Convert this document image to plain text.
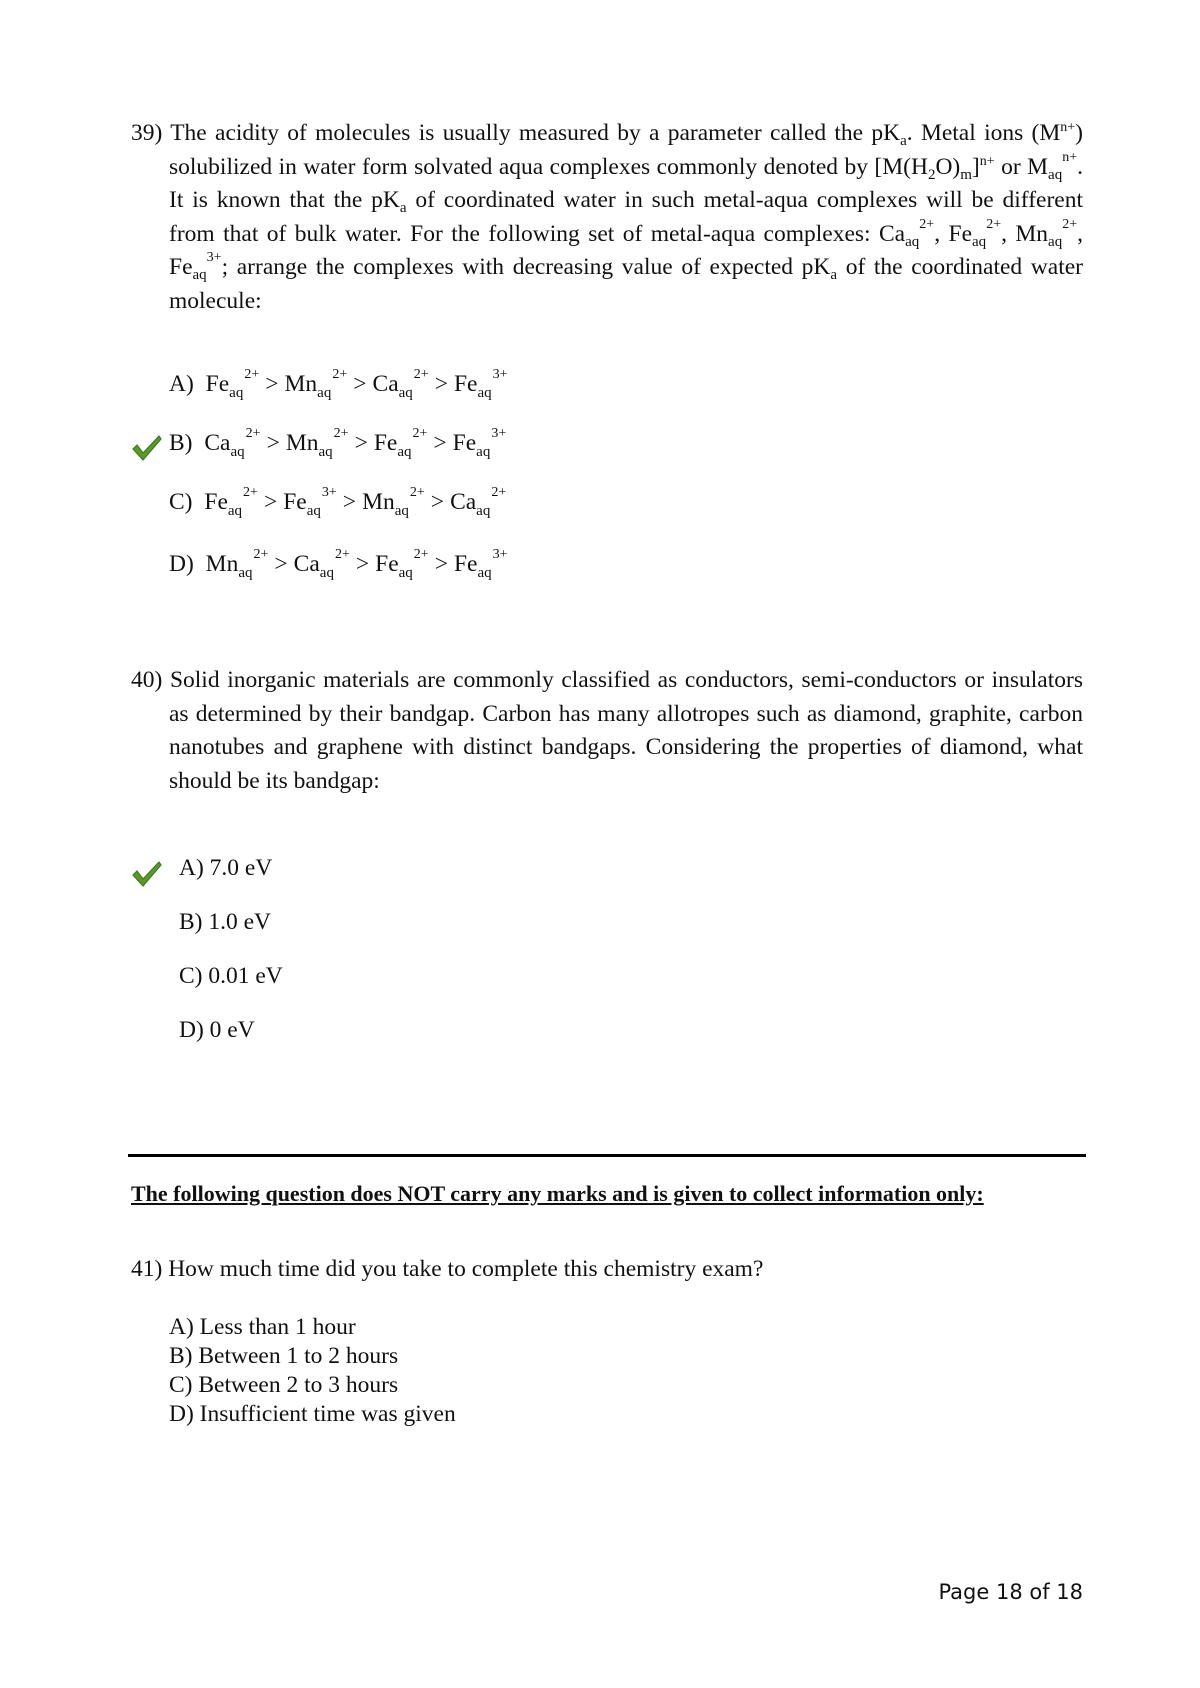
39) The acidity of molecules is usually measured by a parameter called the $pK_a$. Metal ions $(M^{n+})$ solubilized in water form solvated aqua complexes commonly denoted by $[M(H_2O)_m]^{n+}$ or $M_{aq}^{n+}$. It is known that the $pK_a$ of coordinated water in such metal-aqua complexes will be different from that of bulk water. For the following set of metal-aqua complexes: $Ca_{aq}^{2+}$, $Fe_{aq}^{2+}$, $Mn_{aq}^{2+}$, $Fe_{aq}^{3+}$; arrange the complexes with decreasing value of expected $pK_a$ of the coordinated water molecule:
A) $Fe_{aq}^{2+} > Mn_{aq}^{2+} > Ca_{aq}^{2+} > Fe_{aq}^{3+}$
B) $Ca_{aq}^{2+} > Mn_{aq}^{2+} > Fe_{aq}^{2+} > Fe_{aq}^{3+}$
C) $Fe_{aq}^{2+} > Fe_{aq}^{3+} > Mn_{aq}^{2+} > Ca_{aq}^{2+}$
D) $Mn_{aq}^{2+} > Ca_{aq}^{2+} > Fe_{aq}^{2+} > Fe_{aq}^{3+}$
40) Solid inorganic materials are commonly classified as conductors, semi-conductors or insulators as determined by their bandgap. Carbon has many allotropes such as diamond, graphite, carbon nanotubes and graphene with distinct bandgaps. Considering the properties of diamond, what should be its bandgap:
A) 7.0 eV
B) 1.0 eV
C) 0.01 eV
D) 0 eV
The following question does NOT carry any marks and is given to collect information only:
41) How much time did you take to complete this chemistry exam?
A) Less than 1 hour
B) Between 1 to 2 hours
C) Between 2 to 3 hours
D) Insufficient time was given
Page 18 of 18
